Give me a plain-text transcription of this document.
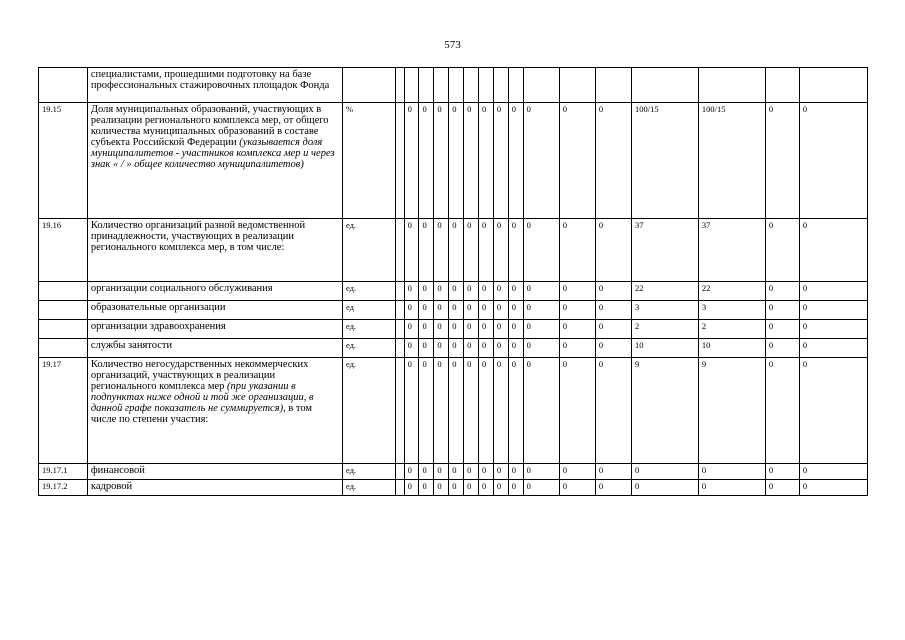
573
	специалистами, прошедшими подготовку на базе профессиональных стажировочных площадок Фонда																	
19.15	Доля муниципальных образований, участвующих в реализации регионального комплекса мер, от общего количества муниципальных образований в составе субъекта Российской Федерации (указывается доля муниципалитетов - участников комплекса мер и через знак « / » общее количество муниципалитетов)	%		0	0	0	0	0	0	0	0	0	0	0	100/15	100/15	0	0
19.16	Количество организаций разной ведомственной принадлежности, участвующих в реализации регионального комплекса мер, в том числе:	ед.		0	0	0	0	0	0	0	0	0	0	0	37	37	0	0
	организации социального обслуживания	ед.		0	0	0	0	0	0	0	0	0	0	0	22	22	0	0
	образовательные организации	ед		0	0	0	0	0	0	0	0	0	0	0	3	3	0	0
	организации здравоохранения	ед.		0	0	0	0	0	0	0	0	0	0	0	2	2	0	0
	службы занятости	ед.		0	0	0	0	0	0	0	0	0	0	0	10	10	0	0
19.17	Количество негосударственных некоммерческих организаций, участвующих в реализации регионального комплекса мер (при указании в подпунктах ниже одной и той же организации, в данной графе показатель не суммируется), в том числе по степени участия:	ед.		0	0	0	0	0	0	0	0	0	0	0	9	9	0	0
19.17.1	финансовой	ед.		0	0	0	0	0	0	0	0	0	0	0	0	0	0	0
19.17.2	кадровой	ед.		0	0	0	0	0	0	0	0	0	0	0	0	0	0	0
